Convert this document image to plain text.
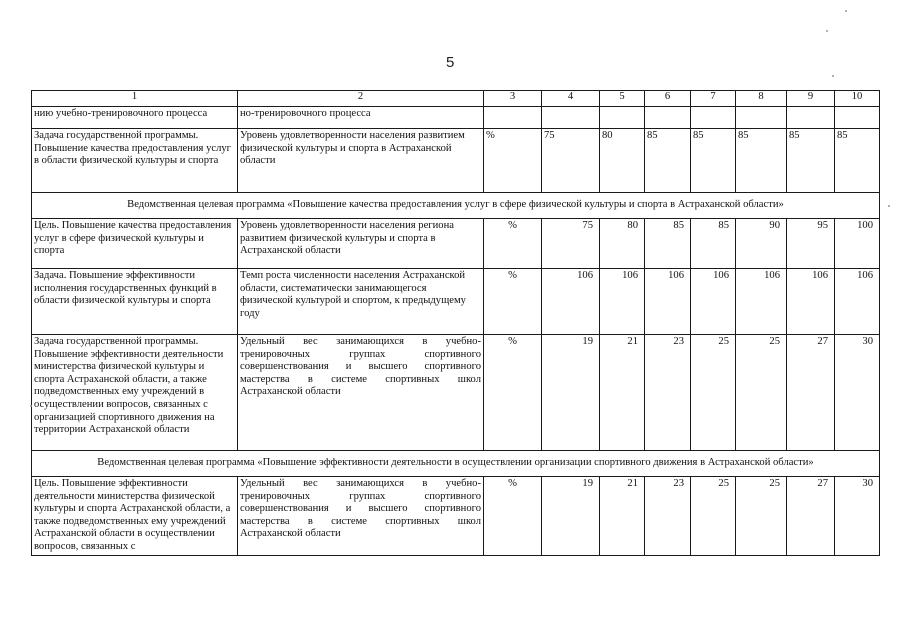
5
1	2	3	4	5	6	7	8	9	10
нию учебно-тренировочного процесса	но-тренировочного процесса								
Задача государственной программы. Повышение качества предоставления услуг в области физической культуры и спорта	Уровень удовлетворенности населения развитием физической культуры и спорта в Астраханской области	%	75	80	85	85	85	85	85
Ведомственная целевая программа «Повышение качества предоставления услуг в сфере физической культуры и спорта в Астраханской области»									
Цель. Повышение качества предоставления услуг в сфере физической культуры и спорта	Уровень удовлетворенности населения региона развитием физической культуры и спорта в Астраханской области	%	75	80	85	85	90	95	100
Задача. Повышение эффективности исполнения государственных функций в области физической культуры и спорта	Темп роста численности населения Астраханской области, систематически занимающегося физической культурой и спортом, к предыдущему году	%	106	106	106	106	106	106	106
Задача государственной программы. Повышение эффективности деятельности министерства физической культуры и спорта Астраханской области, а также подведомственных ему учреждений в осуществлении вопросов, связанных с организацией спортивного движения на территории Астраханской области	Удельный вес занимающихся в учебно-тренировочных группах спортивного совершенствования и высшего спортивного мастерства в системе спортивных школ Астраханской области	%	19	21	23	25	25	27	30
Ведомственная целевая программа «Повышение эффективности деятельности в осуществлении организации спортивного движения в Астраханской области»									
Цель. Повышение эффективности деятельности министерства физической культуры и спорта Астраханской области, а также подведомственных ему учреждений Астраханской области в осуществлении вопросов, связанных с	Удельный вес занимающихся в учебно-тренировочных группах спортивного совершенствования и высшего спортивного мастерства в системе спортивных школ Астраханской области	%	19	21	23	25	25	27	30
